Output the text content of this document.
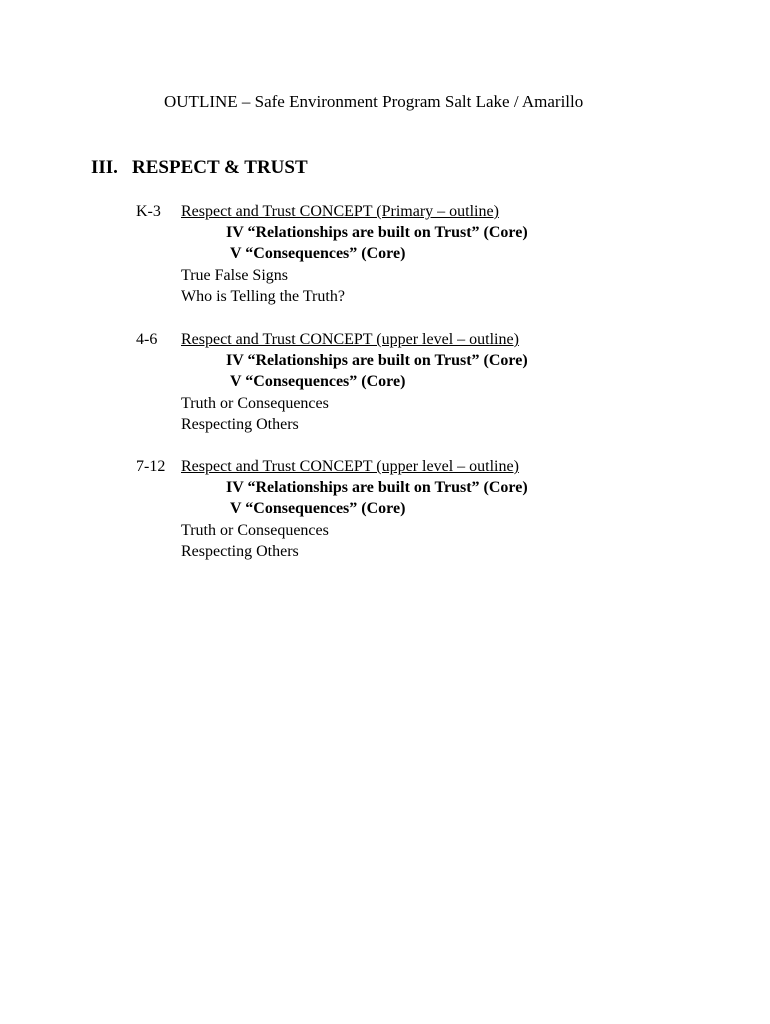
OUTLINE – Safe Environment Program Salt Lake / Amarillo
III. RESPECT & TRUST
K-3 Respect and Trust CONCEPT (Primary – outline)
IV “Relationships are built on Trust” (Core)
V “Consequences” (Core)
True False Signs
Who is Telling the Truth?
4-6 Respect and Trust CONCEPT (upper level – outline)
IV “Relationships are built on Trust” (Core)
V “Consequences” (Core)
Truth or Consequences
Respecting Others
7-12 Respect and Trust CONCEPT (upper level – outline)
IV “Relationships are built on Trust” (Core)
V “Consequences” (Core)
Truth or Consequences
Respecting Others
